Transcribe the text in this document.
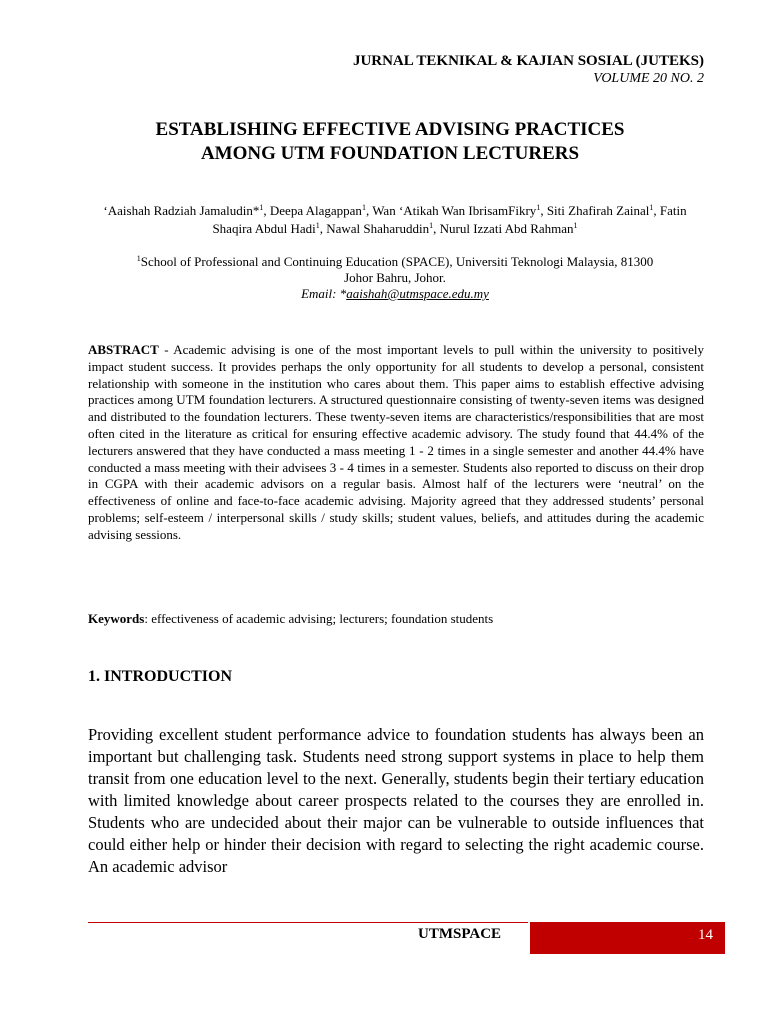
JURNAL TEKNIKAL & KAJIAN SOSIAL (JUTEKS)
VOLUME 20 NO. 2
ESTABLISHING EFFECTIVE ADVISING PRACTICES
AMONG UTM FOUNDATION LECTURERS
‘Aaishah Radziah Jamaludin*$^1$, Deepa Alagappan$^1$, Wan ‘Atikah Wan IbrisamFikry$^1$, Siti Zhafirah Zainal$^1$, Fatin Shaqira Abdul Hadi$^1$, Nawal Shaharuddin$^1$, Nurul Izzati Abd Rahman$^1$
$^1$School of Professional and Continuing Education (SPACE), Universiti Teknologi Malaysia, 81300
Johor Bahru, Johor.
Email: *aaishah@utmspace.edu.my
ABSTRACT - Academic advising is one of the most important levels to pull within the university to positively impact student success. It provides perhaps the only opportunity for all students to develop a personal, consistent relationship with someone in the institution who cares about them. This paper aims to establish effective advising practices among UTM foundation lecturers. A structured questionnaire consisting of twenty-seven items was designed and distributed to the foundation lecturers. These twenty-seven items are characteristics/responsibilities that are most often cited in the literature as critical for ensuring effective academic advisory. The study found that 44.4% of the lecturers answered that they have conducted a mass meeting 1 - 2 times in a single semester and another 44.4% have conducted a mass meeting with their advisees 3 - 4 times in a semester. Students also reported to discuss on their drop in CGPA with their academic advisors on a regular basis. Almost half of the lecturers were ‘neutral’ on the effectiveness of online and face-to-face academic advising. Majority agreed that they addressed students’ personal problems; self-esteem / interpersonal skills / study skills; student values, beliefs, and attitudes during the academic advising sessions.
Keywords: effectiveness of academic advising; lecturers; foundation students
1. INTRODUCTION
Providing excellent student performance advice to foundation students has always been an important but challenging task. Students need strong support systems in place to help them transit from one education level to the next. Generally, students begin their tertiary education with limited knowledge about career prospects related to the courses they are enrolled in. Students who are undecided about their major can be vulnerable to outside influences that could either help or hinder their decision with regard to selecting the right academic course. An academic advisor
UTMSPACE	14
